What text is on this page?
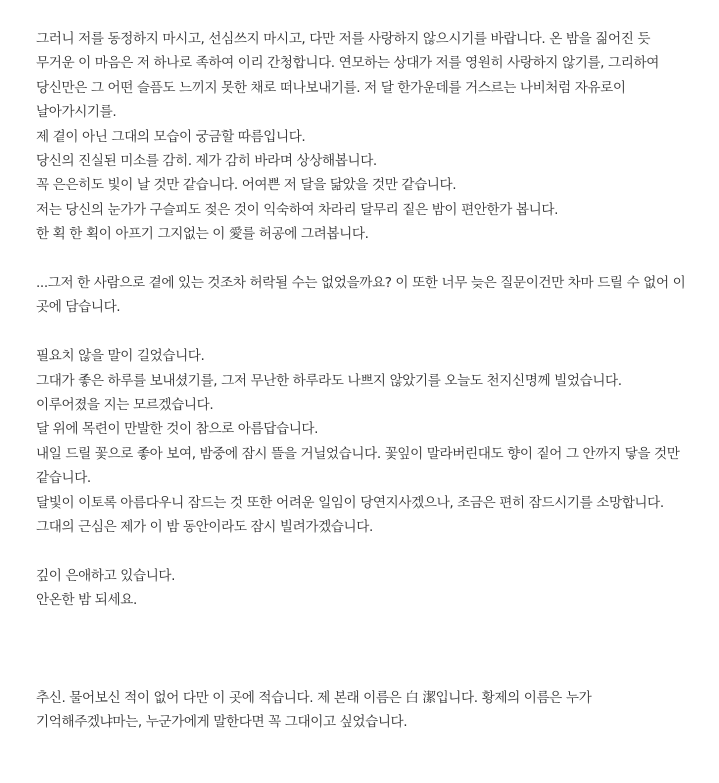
그러니 저를 동정하지 마시고, 선심쓰지 마시고, 다만 저를 사랑하지 않으시기를 바랍니다. 온 밤을 짊어진 듯 무거운 이 마음은 저 하나로 족하여 이리 간청합니다. 연모하는 상대가 저를 영원히 사랑하지 않기를, 그리하여 당신만은 그 어떤 슬픔도 느끼지 못한 채로 떠나보내기를. 저 달 한가운데를 거스르는 나비처럼 자유로이 날아가시기를.
제 곁이 아닌 그대의 모습이 궁금할 따름입니다.
당신의 진실된 미소를 감히. 제가 감히 바라며 상상해봅니다.
꼭 은은히도 빛이 날 것만 같습니다. 어여쁜 저 달을 닮았을 것만 같습니다.
저는 당신의 눈가가 구슬피도 젖은 것이 익숙하여 차라리 달무리 짙은 밤이 편안한가 봅니다.
한 획 한 획이 아프기 그지없는 이 愛를 허공에 그려봅니다.
...그저 한 사람으로 곁에 있는 것조차 허락될 수는 없었을까요? 이 또한 너무 늦은 질문이건만 차마 드릴 수 없어 이 곳에 담습니다.
필요치 않을 말이 길었습니다.
그대가 좋은 하루를 보내셨기를, 그저 무난한 하루라도 나쁘지 않았기를 오늘도 천지신명께 빌었습니다. 이루어졌을 지는 모르겠습니다.
달 위에 목련이 만발한 것이 참으로 아름답습니다.
내일 드릴 꽃으로 좋아 보여, 밤중에 잠시 뜰을 거닐었습니다. 꽃잎이 말라버린대도 향이 짙어 그 안까지 닿을 것만 같습니다.
달빛이 이토록 아름다우니 잠드는 것 또한 어려운 일임이 당연지사겠으나, 조금은 편히 잠드시기를 소망합니다. 그대의 근심은 제가 이 밤 동안이라도 잠시 빌려가겠습니다.
깊이 은애하고 있습니다.
안온한 밤 되세요.
추신. 물어보신 적이 없어 다만 이 곳에 적습니다. 제 본래 이름은 白 潔입니다. 황제의 이름은 누가 기억해주겠냐마는, 누군가에게 말한다면 꼭 그대이고 싶었습니다.
